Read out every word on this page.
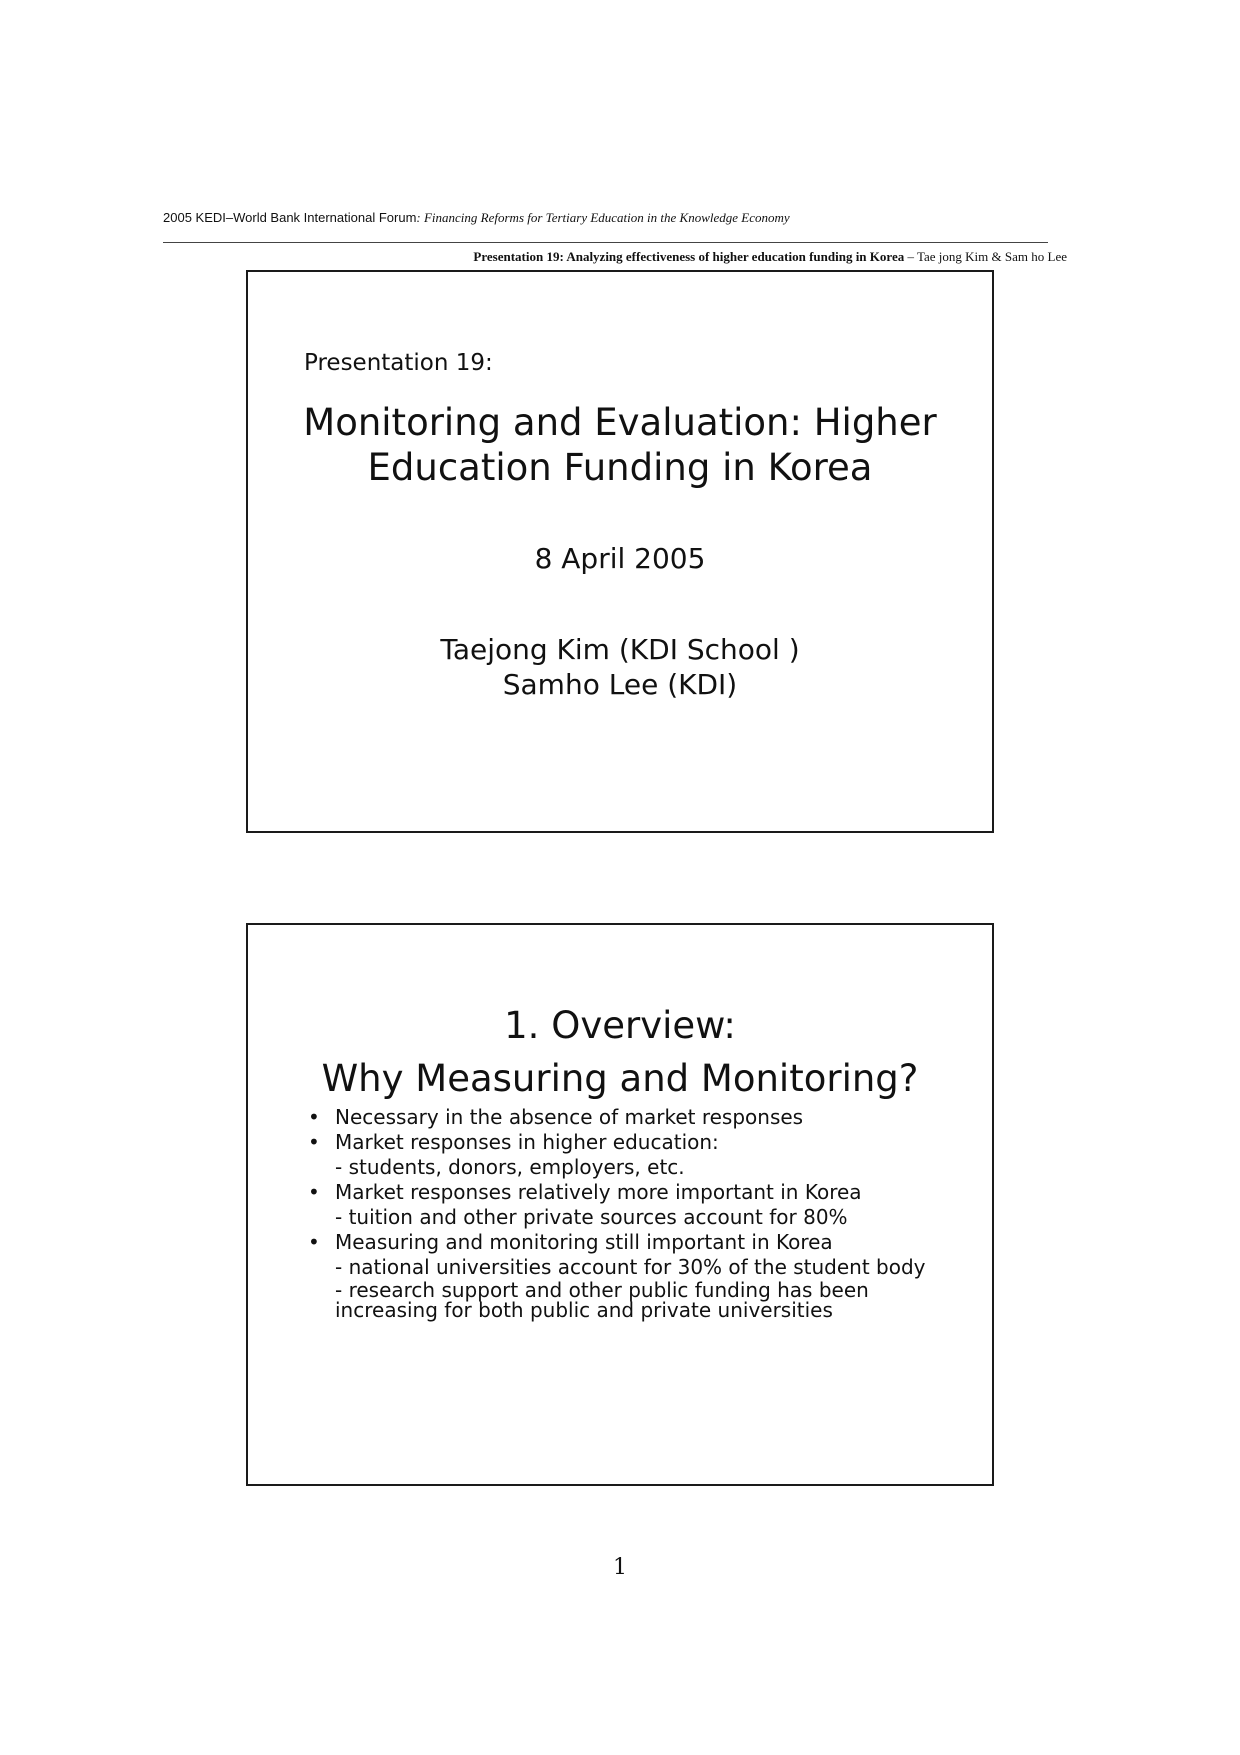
2005 KEDI–World Bank International Forum: Financing Reforms for Tertiary Education in the Knowledge Economy
Presentation 19: Analyzing effectiveness of higher education funding in Korea – Tae jong Kim & Sam ho Lee
Presentation 19:
Monitoring and Evaluation: Higher
Education Funding in Korea
8 April 2005
Taejong Kim (KDI School )
Samho Lee (KDI)
1. Overview:
Why Measuring and Monitoring?
• Necessary in the absence of market responses
• Market responses in higher education:
- students, donors, employers, etc.
• Market responses relatively more important in Korea
- tuition and other private sources account for 80%
• Measuring and monitoring still important in Korea
- national universities account for 30% of the student body
- research support and other public funding has been
increasing for both public and private universities
1
